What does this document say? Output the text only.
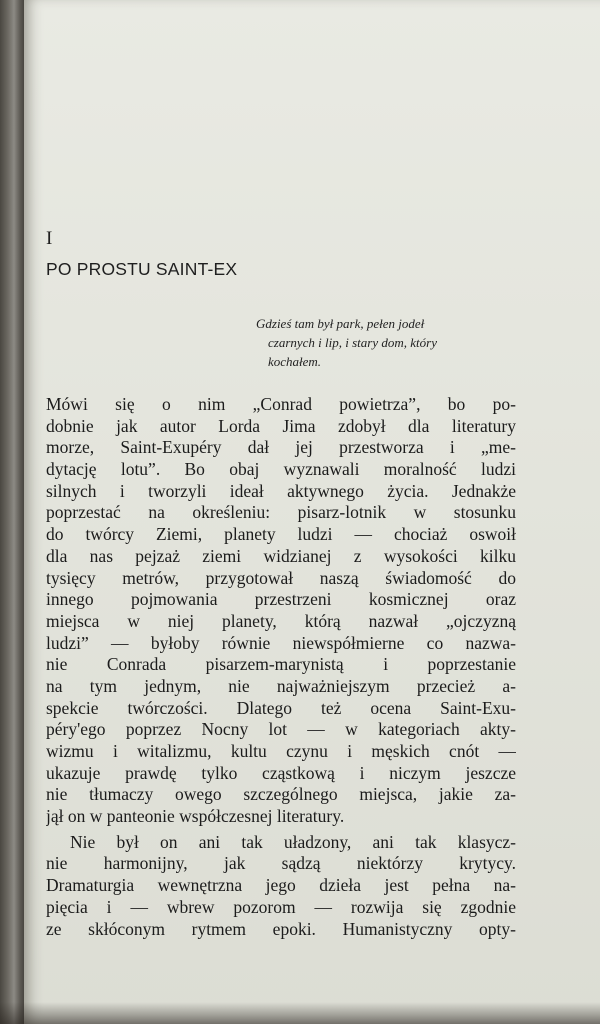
I
PO PROSTU SAINT-EX
Gdzieś tam był park, pełen jodeł
czarnych i lip, i stary dom, który
kochałem.
Mówi się o nim „Conrad powietrza”, bo po-
dobnie jak autor Lorda Jima zdobył dla literatury
morze, Saint-Exupéry dał jej przestworza i „me-
dytację lotu”. Bo obaj wyznawali moralność ludzi
silnych i tworzyli ideał aktywnego życia. Jednakże
poprzestać na określeniu: pisarz-lotnik w stosunku
do twórcy Ziemi, planety ludzi — chociaż oswoił
dla nas pejzaż ziemi widzianej z wysokości kilku
tysięcy metrów, przygotował naszą świadomość do
innego pojmowania przestrzeni kosmicznej oraz
miejsca w niej planety, którą nazwał „ojczyzną
ludzi” — byłoby równie niewspółmierne co nazwa-
nie Conrada pisarzem-marynistą i poprzestanie
na tym jednym, nie najważniejszym przecież a-
spekcie twórczości. Dlatego też ocena Saint-Exu-
péry'ego poprzez Nocny lot — w kategoriach akty-
wizmu i witalizmu, kultu czynu i męskich cnót —
ukazuje prawdę tylko cząstkową i niczym jeszcze
nie tłumaczy owego szczególnego miejsca, jakie za-
jął on w panteonie współczesnej literatury.
Nie był on ani tak uładzony, ani tak klasycz-
nie harmonijny, jak sądzą niektórzy krytycy.
Dramaturgia wewnętrzna jego dzieła jest pełna na-
pięcia i — wbrew pozorom — rozwija się zgodnie
ze skłóconym rytmem epoki. Humanistyczny opty-
